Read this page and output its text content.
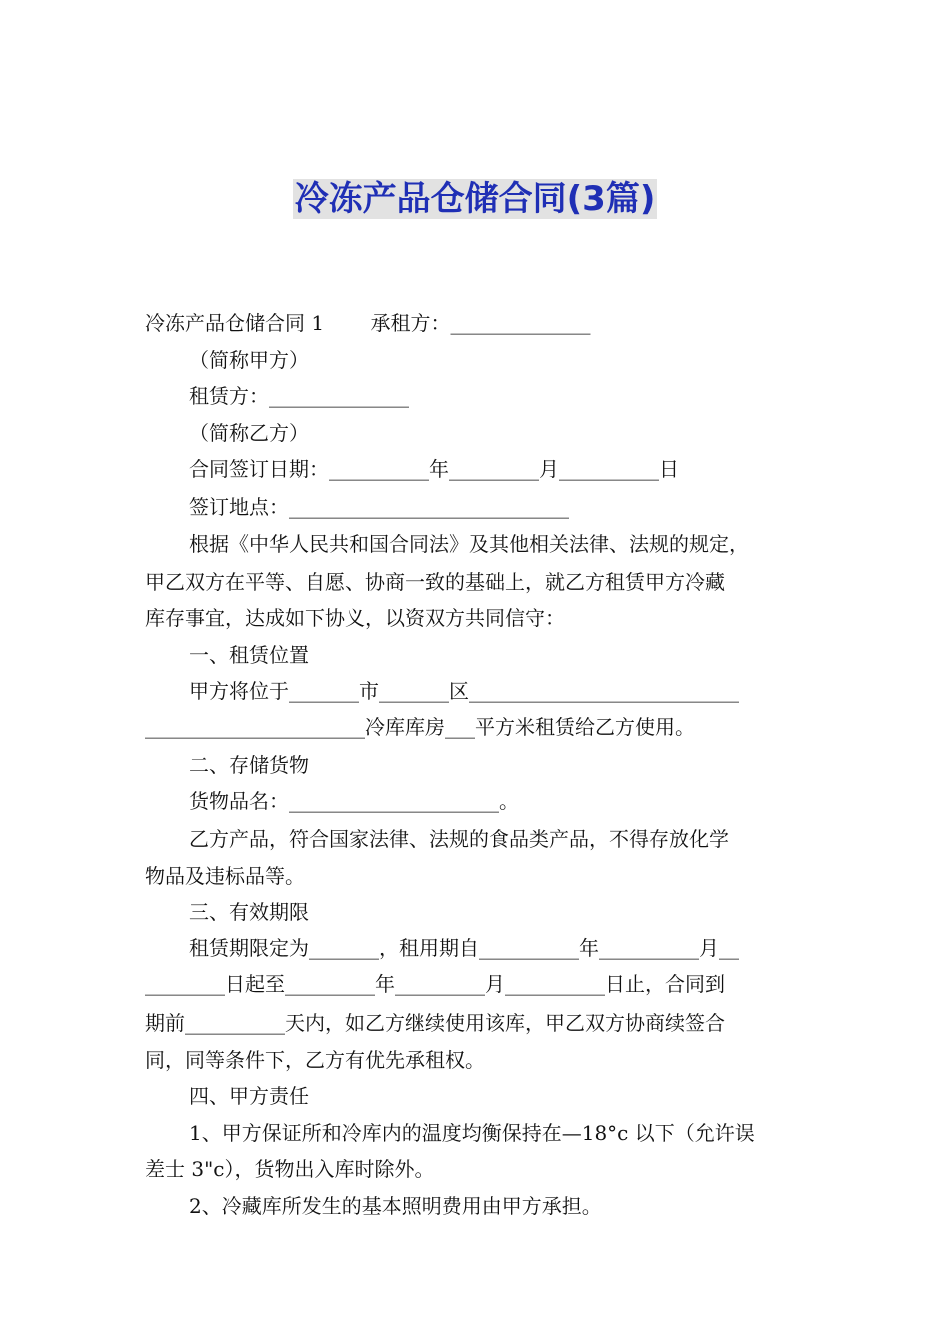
冷冻产品仓储合同(3篇)
冷冻产品仓储合同 1　　 承租方：______________
（简称甲方）
租赁方：______________
（简称乙方）
合同签订日期：__________年_________月__________日
签订地点：____________________________
根据《中华人民共和国合同法》及其他相关法律、法规的规定，
甲乙双方在平等、自愿、协商一致的基础上，就乙方租赁甲方冷藏
库存事宜，达成如下协义，以资双方共同信守：
一、租赁位置
甲方将位于_______市_______区___________________________
______________________冷库库房___平方米租赁给乙方使用。
二、存储货物
货物品名：_____________________。
乙方产品，符合国家法律、法规的食品类产品，不得存放化学
物品及违标品等。
三、有效期限
租赁期限定为_______，租用期自__________年__________月__
________日起至_________年_________月__________日止，合同到
期前__________天内，如乙方继续使用该库，甲乙双方协商续签合
同，同等条件下，乙方有优先承租权。
四、甲方责任
1、甲方保证所和冷库内的温度均衡保持在—18°c 以下（允许误
差士 3"c），货物出入库时除外。
2、冷藏库所发生的基本照明费用由甲方承担。
